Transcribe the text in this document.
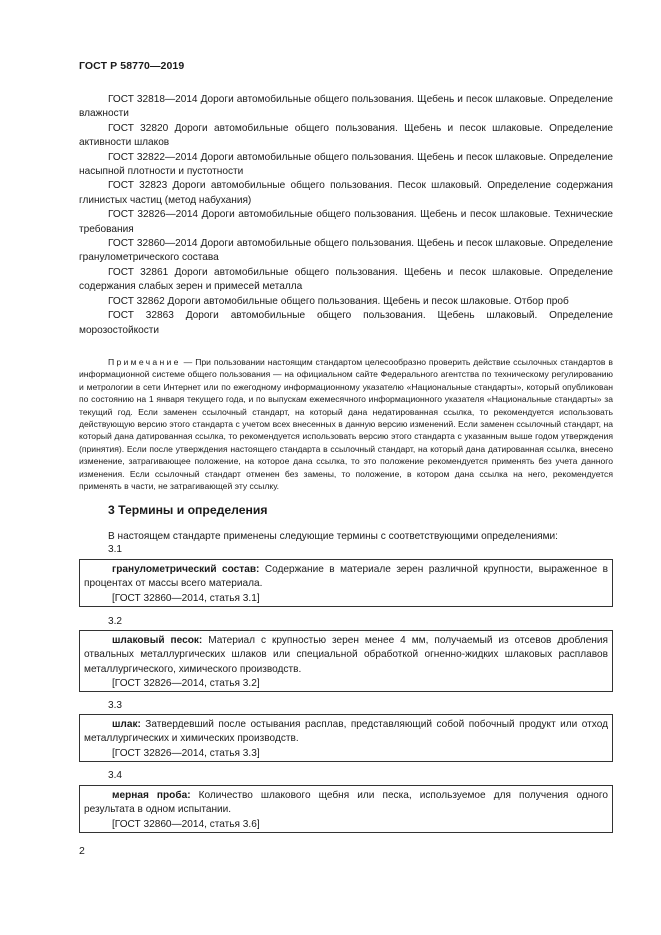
ГОСТ Р 58770—2019

ГОСТ 32818—2014 Дороги автомобильные общего пользования. Щебень и песок шлаковые. Определение влажности

ГОСТ 32820 Дороги автомобильные общего пользования. Щебень и песок шлаковые. Определение активности шлаков

ГОСТ 32822—2014 Дороги автомобильные общего пользования. Щебень и песок шлаковые. Определение насыпной плотности и пустотности

ГОСТ 32823 Дороги автомобильные общего пользования. Песок шлаковый. Определение содержания глинистых частиц (метод набухания)

ГОСТ 32826—2014 Дороги автомобильные общего пользования. Щебень и песок шлаковые. Технические требования

ГОСТ 32860—2014 Дороги автомобильные общего пользования. Щебень и песок шлаковые. Определение гранулометрического состава

ГОСТ 32861 Дороги автомобильные общего пользования. Щебень и песок шлаковые. Определение содержания слабых зерен и примесей металла

ГОСТ 32862 Дороги автомобильные общего пользования. Щебень и песок шлаковые. Отбор проб

ГОСТ 32863 Дороги автомобильные общего пользования. Щебень шлаковый. Определение морозостойкости

Примечание — При пользовании настоящим стандартом целесообразно проверить действие ссылочных стандартов в информационной системе общего пользования — на официальном сайте Федерального агентства по техническому регулированию и метрологии в сети Интернет или по ежегодному информационному указателю «Национальные стандарты», который опубликован по состоянию на 1 января текущего года, и по выпускам ежемесячного информационного указателя «Национальные стандарты» за текущий год. Если заменен ссылочный стандарт, на который дана недатированная ссылка, то рекомендуется использовать действующую версию этого стандарта с учетом всех внесенных в данную версию изменений. Если заменен ссылочный стандарт, на который дана датированная ссылка, то рекомендуется использовать версию этого стандарта с указанным выше годом утверждения (принятия). Если после утверждения настоящего стандарта в ссылочный стандарт, на который дана датированная ссылка, внесено изменение, затрагивающее положение, на которое дана ссылка, то это положение рекомендуется применять без учета данного изменения. Если ссылочный стандарт отменен без замены, то положение, в котором дана ссылка на него, рекомендуется применять в части, не затрагивающей эту ссылку.

3 Термины и определения

В настоящем стандарте применены следующие термины с соответствующими определениями:

3.1

гранулометрический состав: Содержание в материале зерен различной крупности, выраженное в процентах от массы всего материала.

[ГОСТ 32860—2014, статья 3.1]

3.2

шлаковый песок: Материал с крупностью зерен менее 4 мм, получаемый из отсевов дробления отвальных металлургических шлаков или специальной обработкой огненно-жидких шлаковых расплавов металлургического, химического производств.

[ГОСТ 32826—2014, статья 3.2]

3.3

шлак: Затвердевший после остывания расплав, представляющий собой побочный продукт или отход металлургических и химических производств.

[ГОСТ 32826—2014, статья 3.3]

3.4

мерная проба: Количество шлакового щебня или песка, используемое для получения одного результата в одном испытании.

[ГОСТ 32860—2014, статья 3.6]

2
